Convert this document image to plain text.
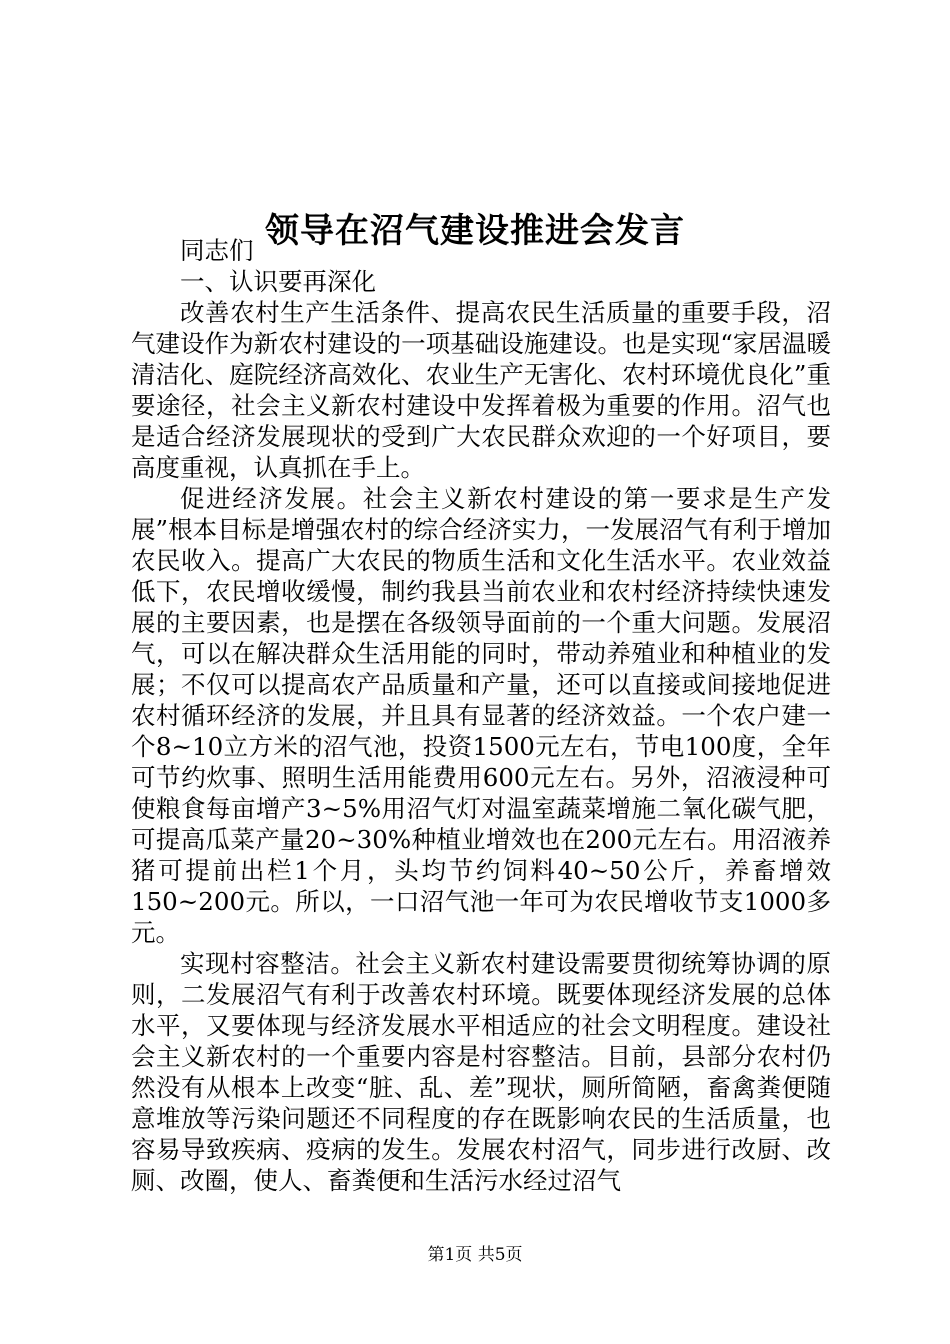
领导在沼气建设推进会发言

同志们

一、认识要再深化

改善农村生产生活条件、提高农民生活质量的重要手段，沼气建设作为新农村建设的一项基础设施建设。也是实现“家居温暖清洁化、庭院经济高效化、农业生产无害化、农村环境优良化”重要途径，社会主义新农村建设中发挥着极为重要的作用。沼气也是适合经济发展现状的受到广大农民群众欢迎的一个好项目，要高度重视，认真抓在手上。

促进经济发展。社会主义新农村建设的第一要求是生产发展”根本目标是增强农村的综合经济实力，一发展沼气有利于增加农民收入。提高广大农民的物质生活和文化生活水平。农业效益低下，农民增收缓慢，制约我县当前农业和农村经济持续快速发展的主要因素，也是摆在各级领导面前的一个重大问题。发展沼气，可以在解决群众生活用能的同时，带动养殖业和种植业的发展；不仅可以提高农产品质量和产量，还可以直接或间接地促进农村循环经济的发展，并且具有显著的经济效益。一个农户建一个8~10立方米的沼气池，投资1500元左右，节电100度，全年可节约炊事、照明生活用能费用600元左右。另外，沼液浸种可使粮食每亩增产3~5%用沼气灯对温室蔬菜增施二氧化碳气肥，可提高瓜菜产量20~30%种植业增效也在200元左右。用沼液养猪可提前出栏1个月，头均节约饲料40~50公斤，养畜增效150~200元。所以，一口沼气池一年可为农民增收节支1000多元。

实现村容整洁。社会主义新农村建设需要贯彻统筹协调的原则，二发展沼气有利于改善农村环境。既要体现经济发展的总体水平，又要体现与经济发展水平相适应的社会文明程度。建设社会主义新农村的一个重要内容是村容整洁。目前，县部分农村仍然没有从根本上改变“脏、乱、差”现状，厕所简陋，畜禽粪便随意堆放等污染问题还不同程度的存在既影响农民的生活质量，也容易导致疾病、疫病的发生。发展农村沼气，同步进行改厨、改厕、改圈，使人、畜粪便和生活污水经过沼气

第1页 共5页
